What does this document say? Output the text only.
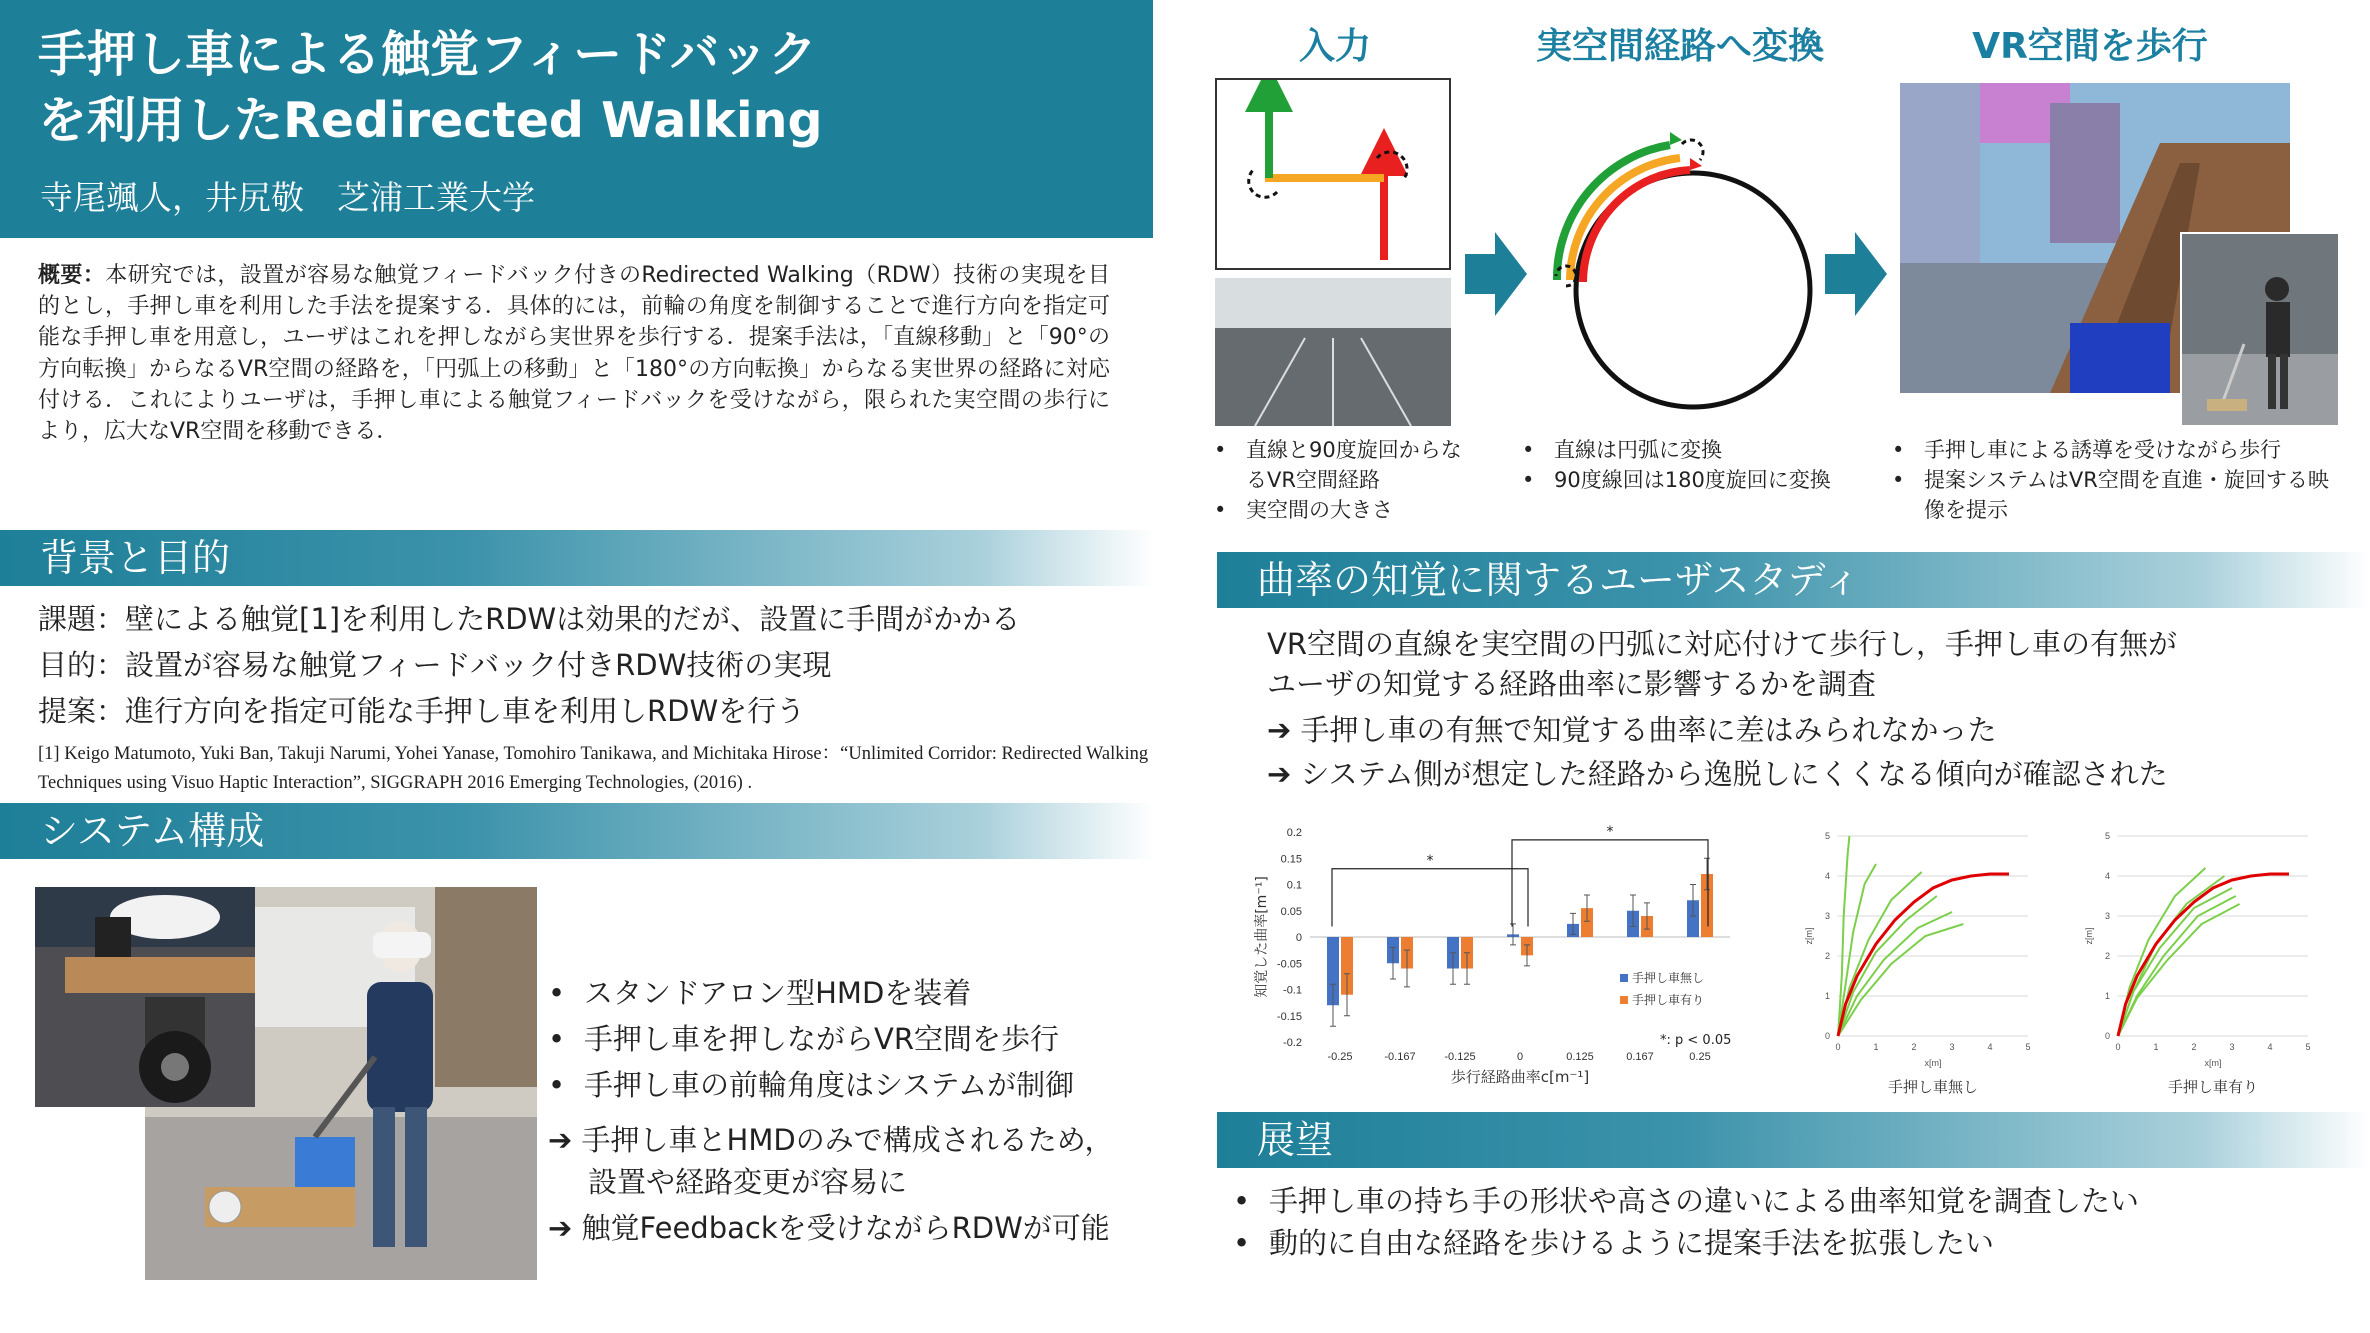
手押し車による触覚フィードバック
を利用したRedirected Walking
寺尾颯人，井尻敬　芝浦工業大学
概要：本研究では，設置が容易な触覚フィードバック付きのRedirected Walking（RDW）技術の実現を目的とし，手押し車を利用した手法を提案する．具体的には，前輪の角度を制御することで進行方向を指定可能な手押し車を用意し，ユーザはこれを押しながら実世界を歩行する．提案手法は，「直線移動」と「90°の方向転換」からなるVR空間の経路を，「円弧上の移動」と「180°の方向転換」からなる実世界の経路に対応付ける．これによりユーザは，手押し車による触覚フィードバックを受けながら，限られた実空間の歩行により，広大なVR空間を移動できる．
背景と目的
課題：壁による触覚[1]を利用したRDWは効果的だが、設置に手間がかかる
目的：設置が容易な触覚フィードバック付きRDW技術の実現
提案：進行方向を指定可能な手押し車を利用しRDWを行う
[1] Keigo Matumoto, Yuki Ban, Takuji Narumi, Yohei Yanase, Tomohiro Tanikawa, and Michitaka Hirose：“Unlimited Corridor: Redirected Walking Techniques using Visuo Haptic Interaction”, SIGGRAPH 2016 Emerging Technologies, (2016) .
システム構成
• スタンドアロン型HMDを装着
• 手押し車を押しながらVR空間を歩行
• 手押し車の前輪角度はシステムが制御
➔ 手押し車とHMDのみで構成されるため，
設置や経路変更が容易に
➔ 触覚Feedbackを受けながらRDWが可能
入力	実空間経路へ変換	VR空間を歩行
• 直線と90度旋回からなるVR空間経路
• 実空間の大きさ
• 直線は円弧に変換
• 90度線回は180度旋回に変換
• 手押し車による誘導を受けながら歩行
• 提案システムはVR空間を直進・旋回する映像を提示
曲率の知覚に関するユーザスタディ
VR空間の直線を実空間の円弧に対応付けて歩行し，手押し車の有無が
ユーザの知覚する経路曲率に影響するかを調査
➔ 手押し車の有無で知覚する曲率に差はみられなかった
➔ システム側が想定した経路から逸脱しにくくなる傾向が確認された
0.2
0.15
0.1
0.05
0
-0.05
-0.1
-0.15
-0.2
-0.25	-0.167	-0.125	0	0.125	0.167	0.25
*
*
手押し車無し
手押し車有り
*: p < 0.05
歩行経路曲率c[m⁻¹]
知覚した曲率[m⁻¹]
0
1
2
3
4
5
0	1	2	3	4	5
x[m]
z[m]
手押し車無し
0
1
2
3
4
5
0	1	2	3	4	5
x[m]
z[m]
手押し車有り
展望
• 手押し車の持ち手の形状や高さの違いによる曲率知覚を調査したい
• 動的に自由な経路を歩けるように提案手法を拡張したい
